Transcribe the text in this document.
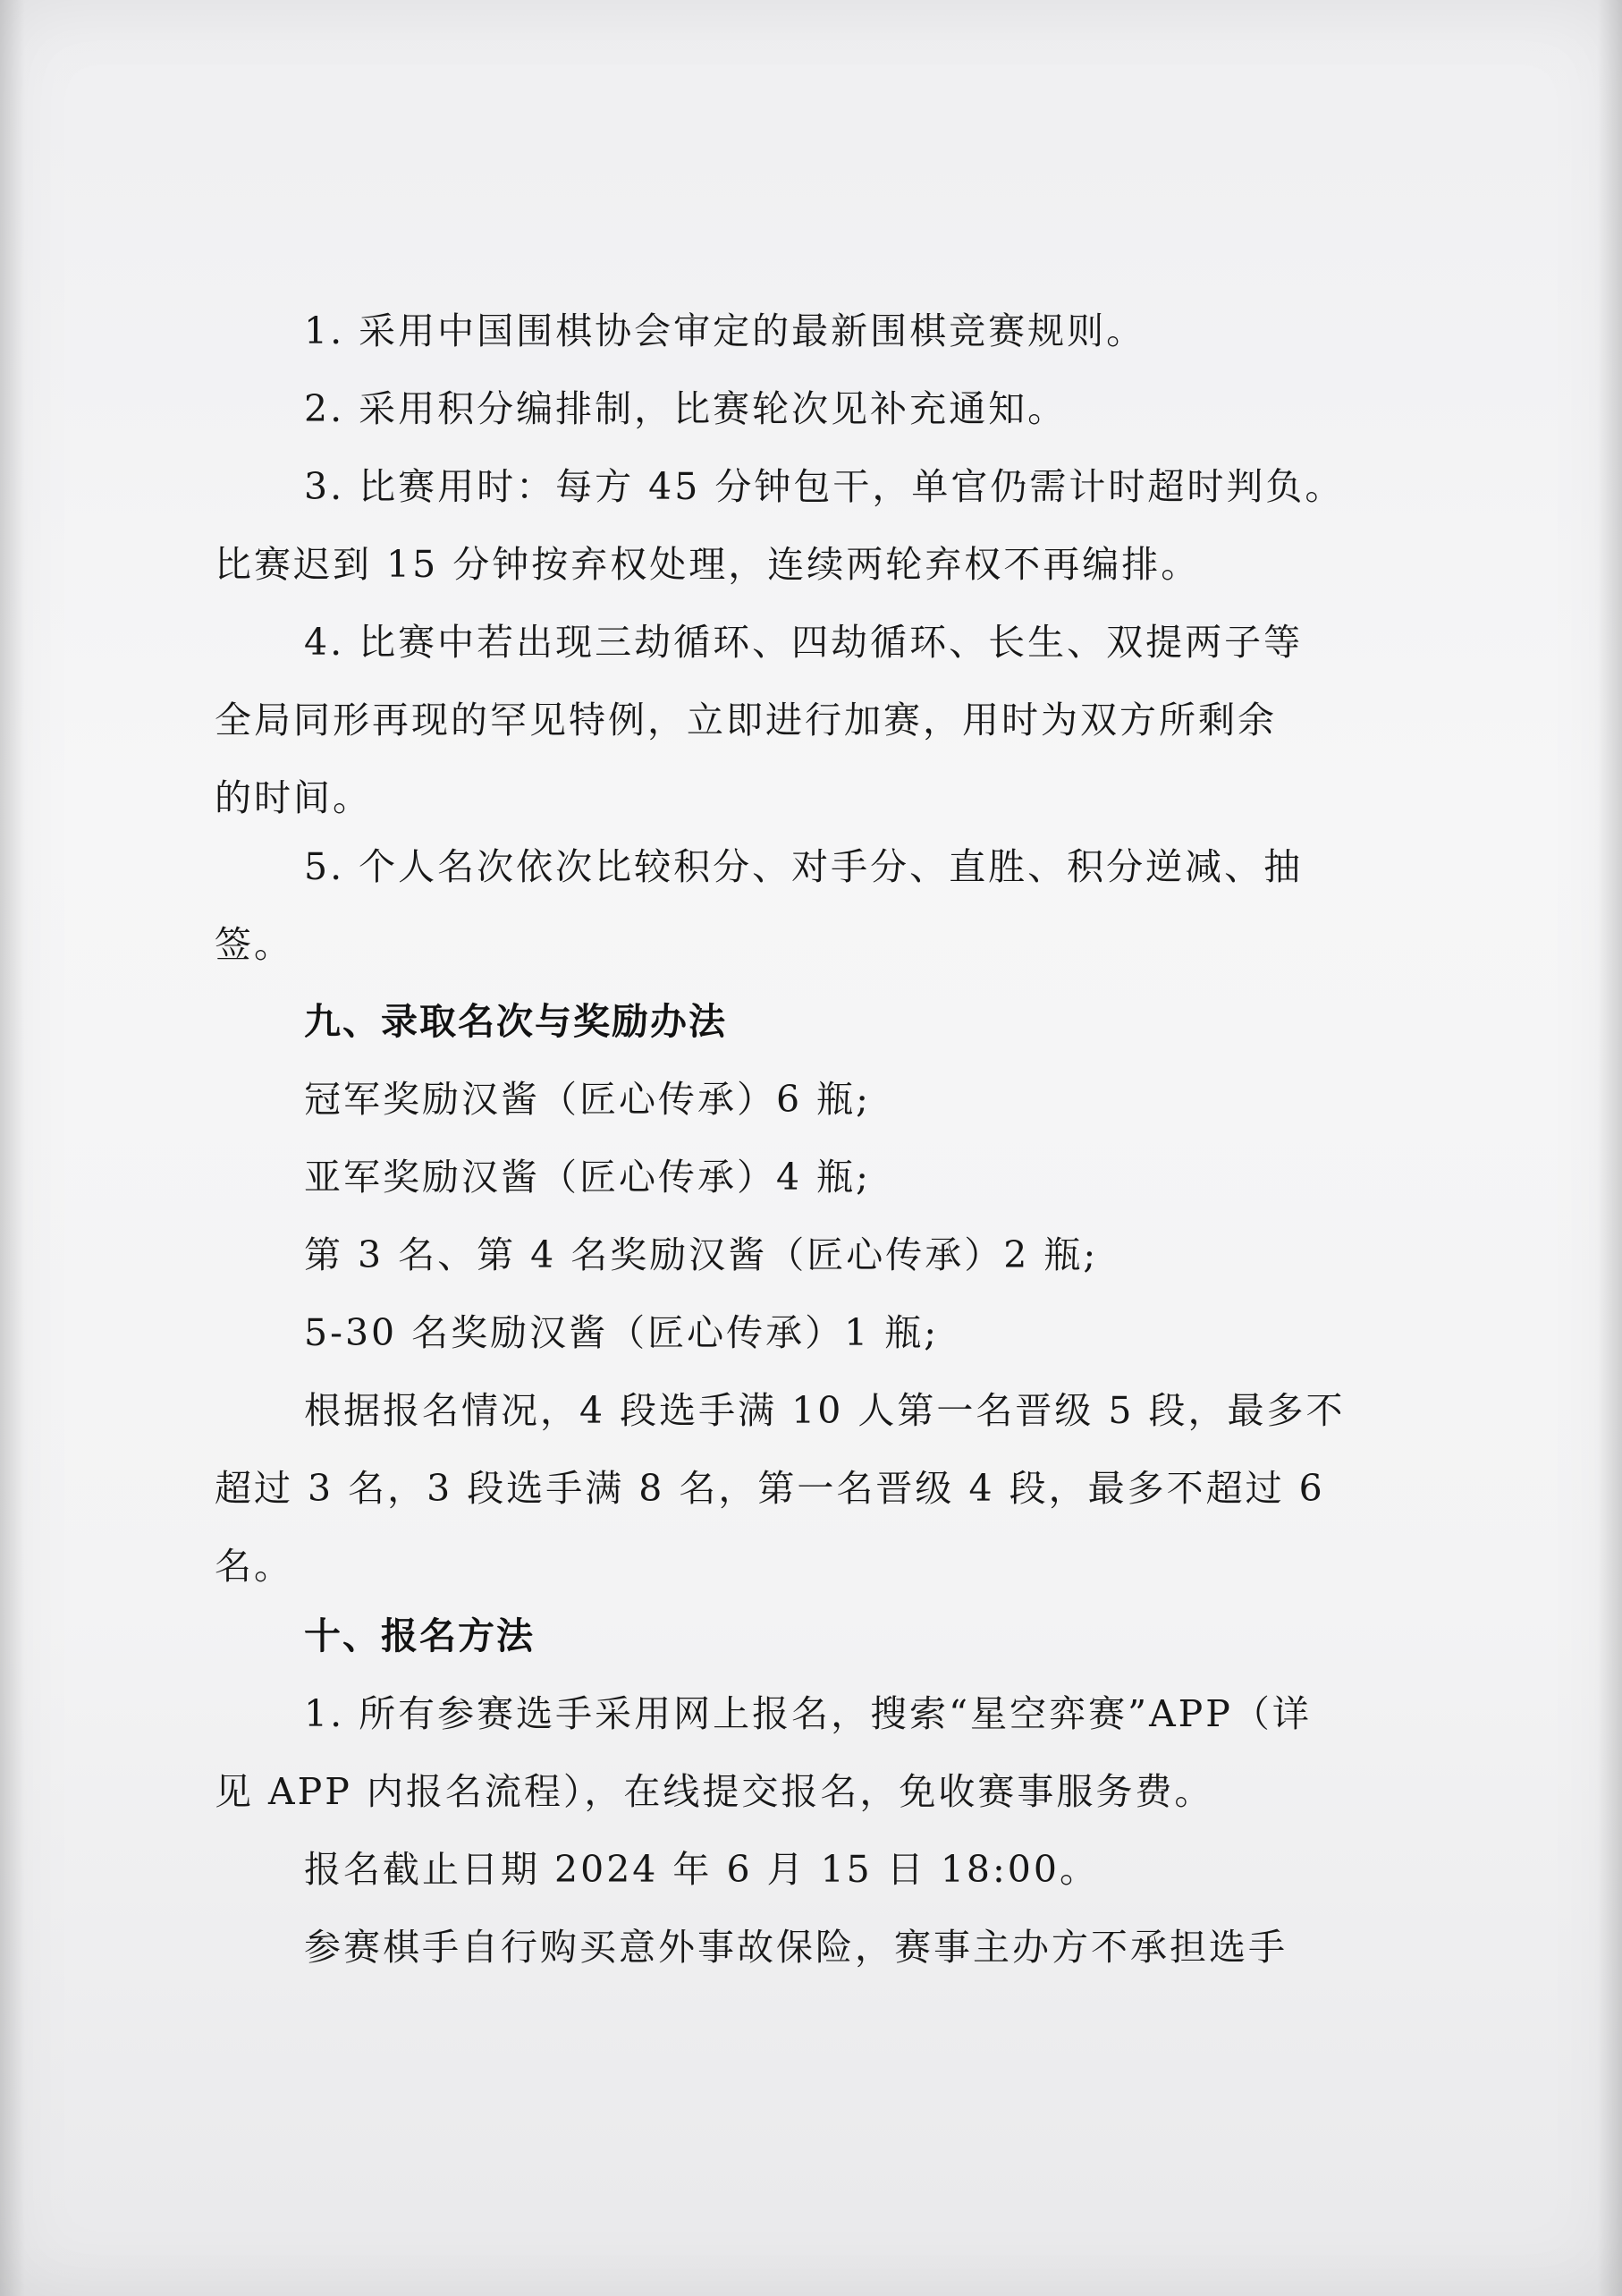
1. 采用中国围棋协会审定的最新围棋竞赛规则。

2. 采用积分编排制，比赛轮次见补充通知。

3. 比赛用时：每方 45 分钟包干，单官仍需计时超时判负。

比赛迟到 15 分钟按弃权处理，连续两轮弃权不再编排。

4. 比赛中若出现三劫循环、四劫循环、长生、双提两子等

全局同形再现的罕见特例，立即进行加赛，用时为双方所剩余

的时间。

5. 个人名次依次比较积分、对手分、直胜、积分逆减、抽

签。

九、录取名次与奖励办法

冠军奖励汉酱（匠心传承）6 瓶;

亚军奖励汉酱（匠心传承）4 瓶;

第 3 名、第 4 名奖励汉酱（匠心传承）2 瓶;

5-30 名奖励汉酱（匠心传承）1 瓶;

根据报名情况，4 段选手满 10 人第一名晋级 5 段，最多不

超过 3 名，3 段选手满 8 名，第一名晋级 4 段，最多不超过 6

名。

十、报名方法

1. 所有参赛选手采用网上报名，搜索“星空弈赛”APP（详

见 APP 内报名流程），在线提交报名，免收赛事服务费。

报名截止日期 2024 年 6 月 15 日 18:00。

参赛棋手自行购买意外事故保险，赛事主办方不承担选手
